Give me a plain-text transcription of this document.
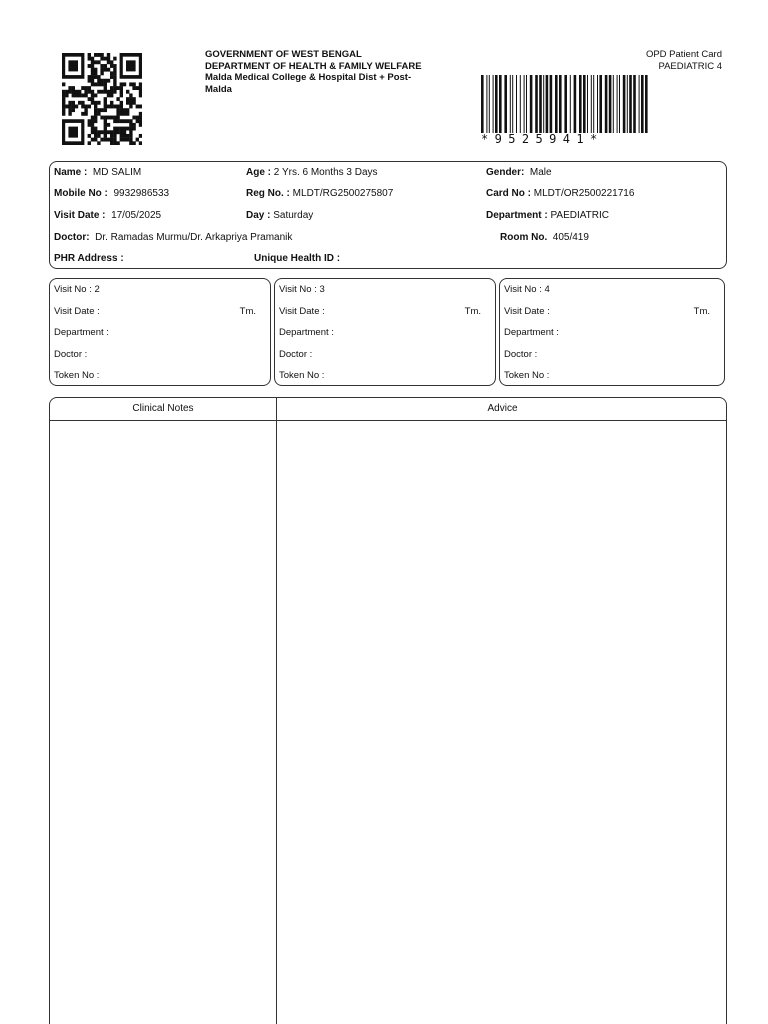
GOVERNMENT OF WEST BENGAL
DEPARTMENT OF HEALTH & FAMILY WELFARE
Malda Medical College & Hospital Dist + Post-
Malda
OPD Patient Card
PAEDIATRIC 4
*9525941*
Name : MD SALIM	Age : 2 Yrs. 6 Months 3 Days	Gender: Male
Mobile No : 9932986533	Reg No. : MLDT/RG2500275807	Card No : MLDT/OR2500221716
Visit Date : 17/05/2025	Day : Saturday	Department : PAEDIATRIC
Doctor: Dr. Ramadas Murmu/Dr. Arkapriya Pramanik	Room No. 405/419
PHR Address :	Unique Health ID :
Visit No : 2
Visit Date :	Tm.
Department :
Doctor :
Token No :
Visit No : 3
Visit Date :	Tm.
Department :
Doctor :
Token No :
Visit No : 4
Visit Date :	Tm.
Department :
Doctor :
Token No :
Clinical Notes	Advice
